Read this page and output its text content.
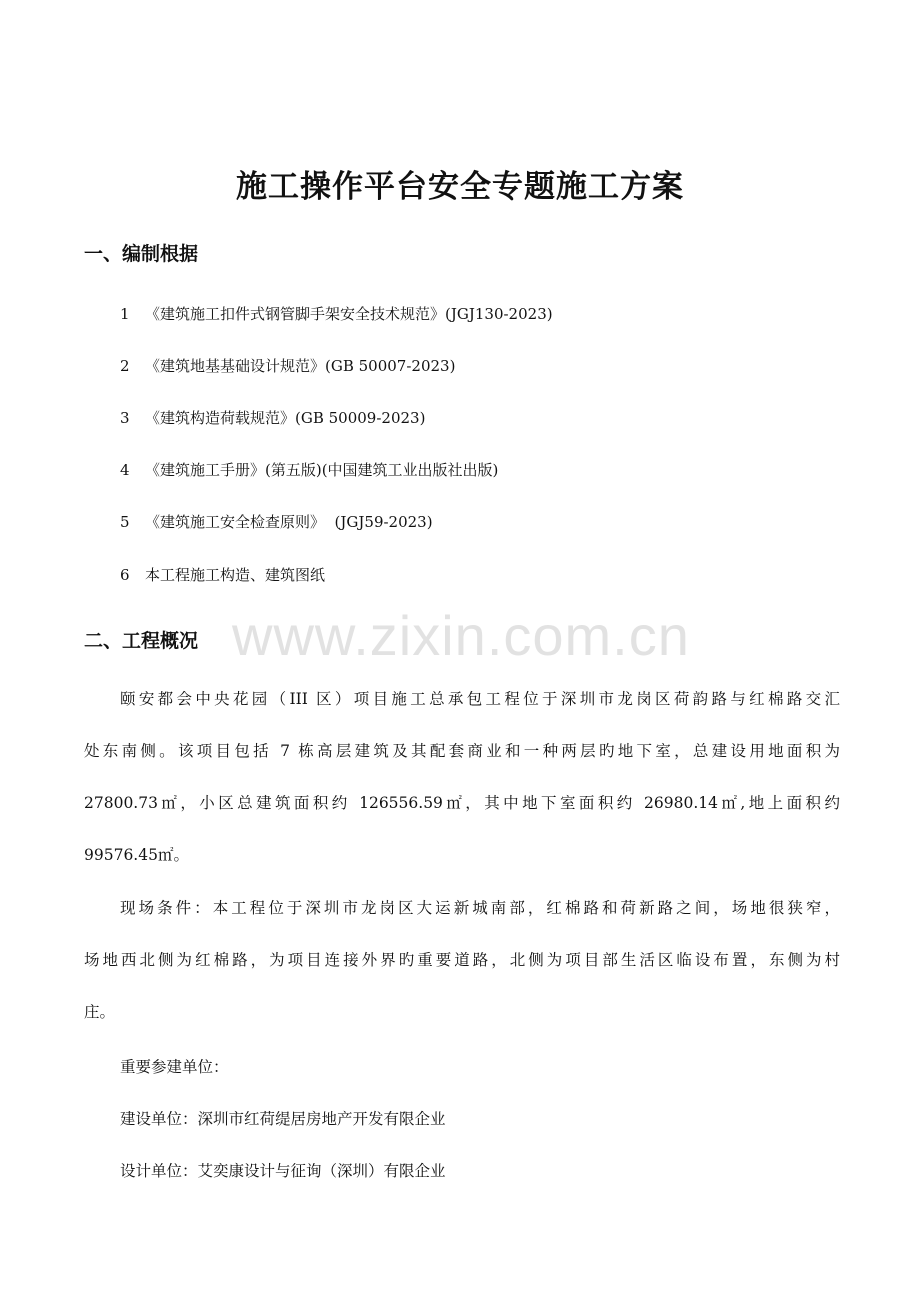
www.zixin.com.cn
施工操作平台安全专题施工方案
一、编制根据
1 《建筑施工扣件式钢管脚手架安全技术规范》(JGJ130-2023)
2 《建筑地基基础设计规范》(GB 50007-2023)
3 《建筑构造荷载规范》(GB 50009-2023)
4 《建筑施工手册》(第五版)(中国建筑工业出版社出版)
5 《建筑施工安全检查原则》  (JGJ59-2023)
6 本工程施工构造、建筑图纸
二、工程概况
颐安都会中央花园（III 区）项目施工总承包工程位于深圳市龙岗区荷韵路与红棉路交汇
处东南侧。该项目包括 7 栋高层建筑及其配套商业和一种两层旳地下室，总建设用地面积为
27800.73㎡，小区总建筑面积约 126556.59㎡，其中地下室面积约 26980.14㎡,地上面积约
99576.45㎡。
现场条件：本工程位于深圳市龙岗区大运新城南部，红棉路和荷新路之间，场地很狭窄，
场地西北侧为红棉路，为项目连接外界旳重要道路，北侧为项目部生活区临设布置，东侧为村
庄。
重要参建单位：
建设单位：深圳市红荷缇居房地产开发有限企业
设计单位：艾奕康设计与征询（深圳）有限企业
